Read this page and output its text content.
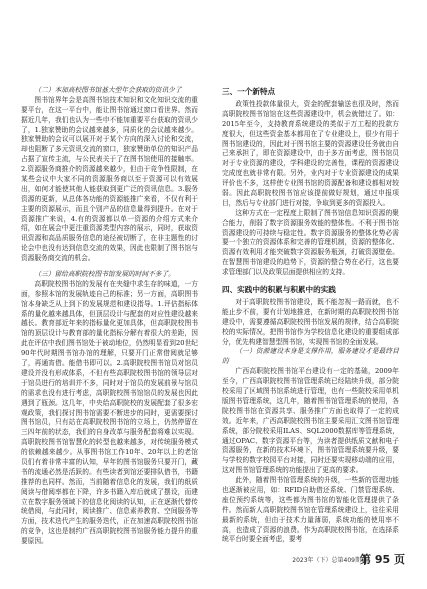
（二）本加高校图书馆基大型年会获取的资讯少了

图书馆界年会是高图书馆技术知识和文化知识交流的重要平台，在这一平台中，能让图书馆通过窗口看世界。然而据近几年，我们也认为一些申不能加重要平台获取的资讯少了，1.独家赞助的会议越来越多，同质化的会议越来越少。独家赞助的会议可以展开对于某个方向的深入讨论和交流，却也阻断了多元资讯交流的窗口，独家赞助单位的知识产品占据了宣传主流，与公民表关于了在图书馆使用的接触率。2.资源服务商推介的资源越来越少，但由于竞争性限制，在某些会议中大家不同的资源服务商以至于资源可以有效展出，如何才能使其他人能获取到更广泛的资讯信息。3.服务资源的更新，从总体各功能的资源能推广来看，不仅有利于主要的资源展示，而且个别产品的信息量得到提升。在对于资源推广来说，4.有的资源都以单一资源的介绍方式来介绍，如在展会中更注重资源类型内容的展示，同时，获取资讯资源和高品质服务信息的途径被切断了，在非主题性的讨论会中也没有达到信息交流的效果，因此也限制了图书馆与资源服务商交流的机会。

（三）留给高职院校图书馆发展的时间不多了。

高职院校图书馆的发展有在夹缝中求生存的味道，一方面，参照本馆的发展轨迹自己的标准；另一方面，高职图书馆本身缺乏从上到下的发展规范和建设指导。1.评估指标体系的量化越来越具体，但顶层设计与配套的对应性建设越来越长。教育部近年来的指标量化更加具体，但高职院校图书馆的顶层设计与教育部的量化指标分解有着很大的差距，因此在评估中我们图书馆处于被动地位，仍然明显看到20世纪90年代时期图书馆办馆的理解，只要开门正常借阅就足够了，再通宵借。能借书即可以。2.高职院校图书馆员对馆员建设并没有形成体系，不但有些高职院校图书馆的领导层对于馆员进行的培训并不多，同时对于馆员的发展前景与馆员的需求也没有进行考虑，高职院校图书馆馆员的发展也因此遇到了瓶颈。这几年，中央给高职院校的发展配套了很多宏观政策，我们探讨图书馆需要不断进步的同时，更需要探讨图书馆员，只有站在高职院校图书馆的立场上，仍然停留在三四年前的状态，我们的自身改革与服务配套将难以实现。高职院校图书馆智慧化的转型也越来越多，对传统服务模式的依赖越来越少。从事图书馆工作10年、20年以上的老馆员们有着非常丰富的认知，早年的图书馆服务只要开门，藏书的流通必然是活跃的。有些读者到馆还要排队借书，书籍推荐的也同样。然而，当前随着信息化的发展，我们的纸质阅读与借阅率都在下降，许多书籍入库后就成了摆设，而建立在数字服务领域下的信息化阅读的认知，正在逐渐代替传统借阅，与此同时，阅读推广、信息素养教育、空间服务等方面，技术迭代产生的服务迭代，正在加速高职院校图书馆的竞争，这也是制约广西高职院校图书馆服务能力提升的重要原因。

三、一个新特点

政策性投款体量很大，资金的配套输送也很及时，然而高职院校图书馆馆在这些资源建设中，机会就错过了。如：2015年至今，支持教育系统建设的类似于万工程的投款方度很大，但这些资金基本都用在了专业建设上，很少有用于图书馆建设的，因此对于图书馆主要的资源建设任务就由自己来承担了，即在资源建设中，由于多方面考虑，图书馆员对于专业资源的建设，学科建设的完善性，课程的资源建设完成度也就非常有限。另外，业内对于专业资源建设的成果评价也不多，这样使专业图书馆的资源配备和建设都相对较弱。因此高职院校图书馆应该提前做好规划，通过申报项目，然后与专业部门进行对接，争取到更多的资源投入。

这种方式在一定程度上限制了图书馆信息知识资源的聚合能力，削弱了数字资源服务效能的整体性。不利于图书馆资源建设的可持续与稳定性。数字资源服务的整体化势必需要一个独立的资源体系和完善的管理机制，资源的整体化、资源有效利用才能突破数字资源服务瓶颈，打破资源壁垒。在智慧图书馆建设的趋势下，资源的整合势在必行，这也要求管理部门以及政策层面提供相应的支持。

四、实践中的积累与积累中的实践

对于高职院校图书馆建设，既不能忽视一路而就，也不能止步不前，要有计划地推进，在新时期的高职院校图书馆建设中，需要遵循高职院校图书馆发展的规律，结合高职院校的实际情况，把图书馆作为学校信息化建设的重要组成部分，优先构建智慧型图书馆，实现图书馆的全面发展。

（一）资源建设本身是支撑作用，服务建设才是最终目的

广西高职院校图书馆平台建设有一定的基础，2009年至今，广西高职院校图书馆管理系统已经陆续升级，部分院校采用了区域图书馆系统进行管理，也有一些院校采用单机版图书管理系统，这几年，随着图书馆管理系统的使用，各院校图书馆在资源共享、服务推广方面也取得了一定的成效。近年来，广西高职院校图书馆主要采用汇文图书馆管理系统，部分院校采用ILAS、SQL2000数据库等管理系统，通过OPAC、数字资源平台等，为读者提供纸质文献和电子资源服务，在新的技术环境下，图书馆管理系统要升级，要与学校的数字校园平台对接，同时还要实现移动端的应用，这对图书馆管理系统的功能提出了更高的要求。

此外，随着图书馆管理系统的升级，一些新的管理功能也逐渐被应用，如：RFID自助借还系统、门禁管理系统、座位预约系统等，这些都为图书馆的智能化管理提供了条件。然而新人高职院校图书馆在管理系统建设上，往往采用最新的系统，但由于技术力量薄弱，系统功能的使用率不高，也造成了资源的浪费。作为高职院校图书馆，在选择系统平台时要全面考虑，要考

2023年（下）总第409期 第 95 页
